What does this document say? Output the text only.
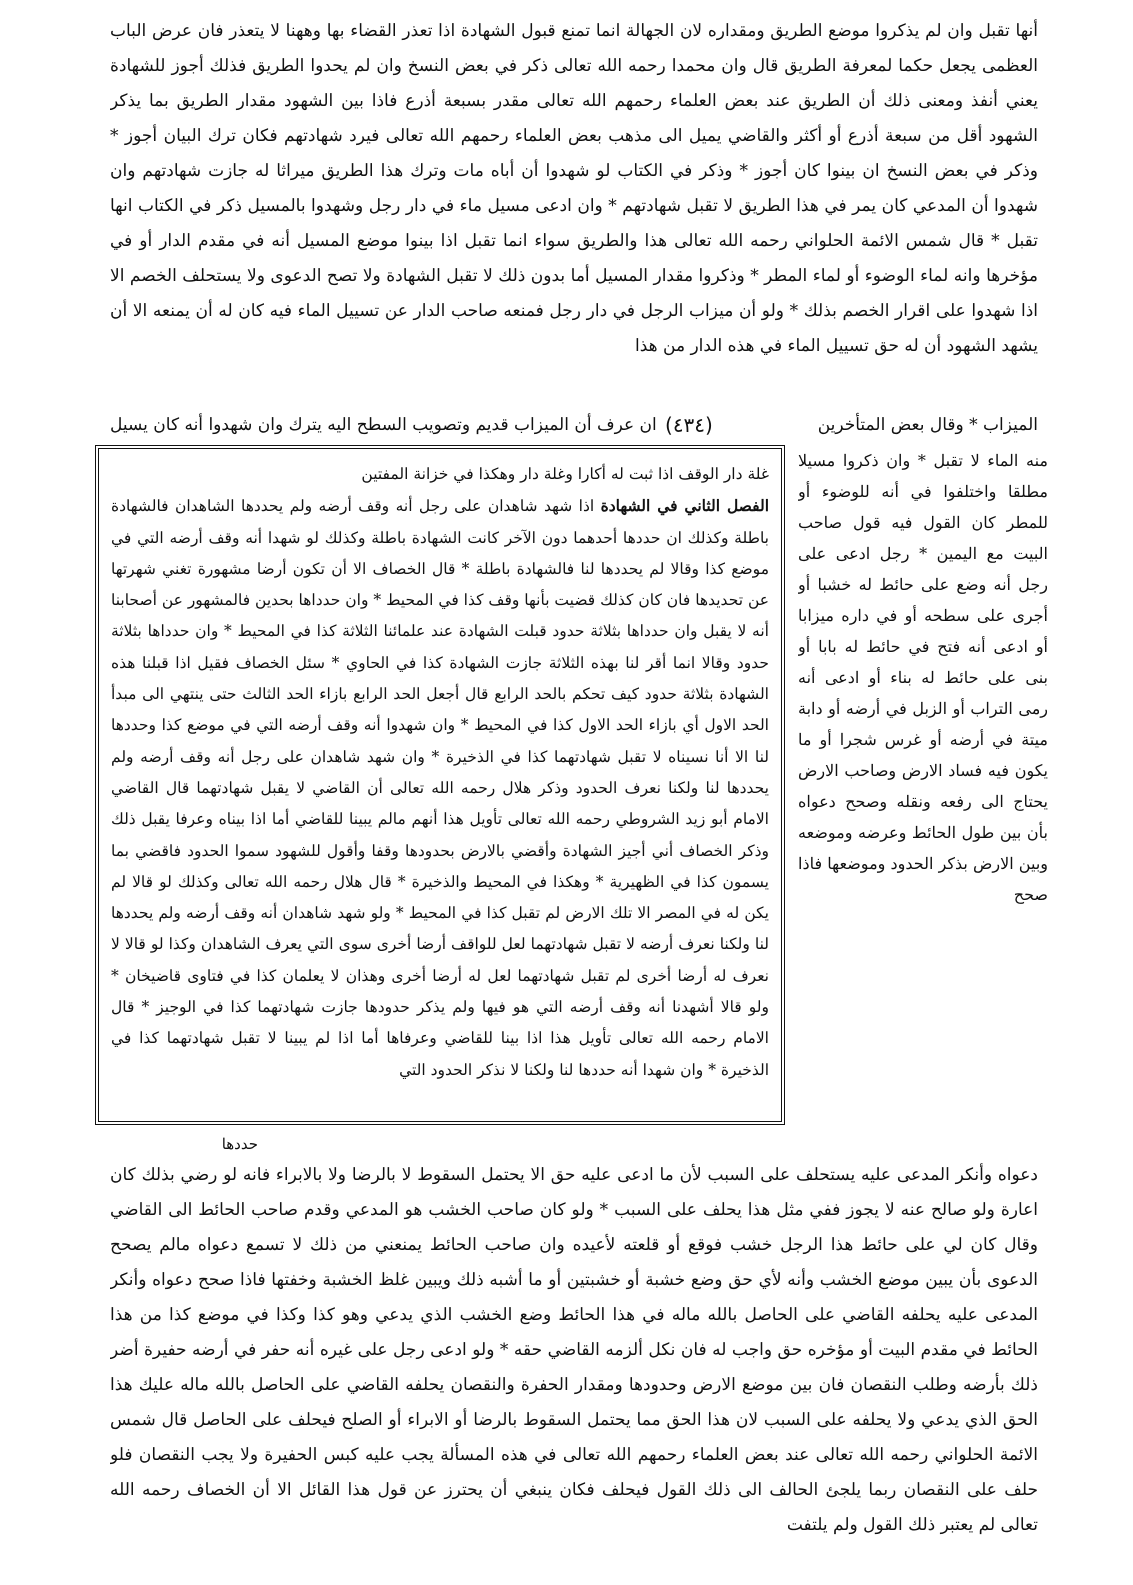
أنها تقبل وان لم يذكروا موضع الطريق ومقداره لان الجهالة انما تمنع قبول الشهادة اذا تعذر القضاء بها وههنا لا يتعذر فان عرض الباب العظمى يجعل حكما لمعرفة الطريق قال وان محمدا رحمه الله تعالى ذكر في بعض النسخ وان لم يحدوا الطريق فذلك أجوز للشهادة يعني أنفذ ومعنى ذلك أن الطريق عند بعض العلماء رحمهم الله تعالى مقدر بسبعة أذرع فاذا بين الشهود مقدار الطريق بما يذكر الشهود أقل من سبعة أذرع أو أكثر والقاضي يميل الى مذهب بعض العلماء رحمهم الله تعالى فيرد شهادتهم فكان ترك البيان أجوز * وذكر في بعض النسخ ان بينوا كان أجوز * وذكر في الكتاب لو شهدوا أن أباه مات وترك هذا الطريق ميراثا له جازت شهادتهم وان شهدوا أن المدعي كان يمر في هذا الطريق لا تقبل شهادتهم * وان ادعى مسيل ماء في دار رجل وشهدوا بالمسيل ذكر في الكتاب انها تقبل * قال شمس الائمة الحلواني رحمه الله تعالى هذا والطريق سواء انما تقبل اذا بينوا موضع المسيل أنه في مقدم الدار أو في مؤخرها وانه لماء الوضوء أو لماء المطر * وذكروا مقدار المسيل أما بدون ذلك لا تقبل الشهادة ولا تصح الدعوى ولا يستحلف الخصم الا اذا شهدوا على اقرار الخصم بذلك * ولو أن ميزاب الرجل في دار رجل فمنعه صاحب الدار عن تسييل الماء فيه كان له أن يمنعه الا أن يشهد الشهود أن له حق تسييل الماء في هذه الدار من هذا
الميزاب * وقال بعض المتأخرين
ان عرف أن الميزاب قديم وتصويب السطح اليه يترك وان شهدوا أنه كان يسيل (٤٣٤)
منه الماء لا تقبل * وان ذكروا مسيلا مطلقا واختلفوا في أنه للوضوء أو للمطر كان القول فيه قول صاحب البيت مع اليمين * رجل ادعى على رجل أنه وضع على حائط له خشبا أو أجرى على سطحه أو في داره ميزابا أو ادعى أنه فتح في حائط له بابا أو بنى على حائط له بناء أو ادعى أنه رمى التراب أو الزبل في أرضه أو دابة ميتة في أرضه أو غرس شجرا أو ما يكون فيه فساد الارض وصاحب الارض يحتاج الى رفعه ونقله وصحح دعواه بأن بين طول الحائط وعرضه وموضعه وبين الارض بذكر الحدود وموضعها فاذا صحح
غلة دار الوقف اذا ثبت له أكارا وغلة دار وهكذا في خزانة المفتين
الفصل الثاني في الشهادة اذا شهد شاهدان على رجل أنه وقف أرضه ولم يحددها الشاهدان فالشهادة باطلة وكذلك ان حددها أحدهما دون الآخر كانت الشهادة باطلة وكذلك لو شهدا أنه وقف أرضه التي في موضع كذا وقالا لم يحددها لنا فالشهادة باطلة * قال الخصاف الا أن تكون أرضا مشهورة تغني شهرتها عن تحديدها فان كان كذلك قضيت بأنها وقف كذا في المحيط * وان حدداها بحدين فالمشهور عن أصحابنا أنه لا يقبل وان حدداها بثلاثة حدود قبلت الشهادة عند علمائنا الثلاثة كذا في المحيط * وان حدداها بثلاثة حدود وقالا انما أقر لنا بهذه الثلاثة جازت الشهادة كذا في الحاوي * سئل الخصاف فقيل اذا قبلنا هذه الشهادة بثلاثة حدود كيف تحكم بالحد الرابع قال أجعل الحد الرابع بازاء الحد الثالث حتى ينتهي الى مبدأ الحد الاول أي بازاء الحد الاول كذا في المحيط * وان شهدوا أنه وقف أرضه التي في موضع كذا وحددها لنا الا أنا نسيناه لا تقبل شهادتهما كذا في الذخيرة * وان شهد شاهدان على رجل أنه وقف أرضه ولم يحددها لنا ولكنا نعرف الحدود وذكر هلال رحمه الله تعالى أن القاضي لا يقبل شهادتهما قال القاضي الامام أبو زيد الشروطي رحمه الله تعالى تأويل هذا أنهم مالم يبينا للقاضي أما اذا بيناه وعرفا يقبل ذلك وذكر الخصاف أني أجيز الشهادة وأقضي بالارض بحدودها وقفا وأقول للشهود سموا الحدود فاقضي بما يسمون كذا في الظهيرية * وهكذا في المحيط والذخيرة * قال هلال رحمه الله تعالى وكذلك لو قالا لم يكن له في المصر الا تلك الارض لم تقبل كذا في المحيط * ولو شهد شاهدان أنه وقف أرضه ولم يحددها لنا ولكنا نعرف أرضه لا تقبل شهادتهما لعل للواقف أرضا أخرى سوى التي يعرف الشاهدان وكذا لو قالا لا نعرف له أرضا أخرى لم تقبل شهادتهما لعل له أرضا أخرى وهذان لا يعلمان كذا في فتاوى قاضيخان * ولو قالا أشهدنا أنه وقف أرضه التي هو فيها ولم يذكر حدودها جازت شهادتهما كذا في الوجيز * قال الامام رحمه الله تعالى تأويل هذا اذا بينا للقاضي وعرفاها أما اذا لم يبينا لا تقبل شهادتهما كذا في الذخيرة * وان شهدا أنه حددها لنا ولكنا لا نذكر الحدود التي
حددها
دعواه وأنكر المدعى عليه يستحلف على السبب لأن ما ادعى عليه حق الا يحتمل السقوط لا بالرضا ولا بالابراء فانه لو رضي بذلك كان اعارة ولو صالح عنه لا يجوز ففي مثل هذا يحلف على السبب * ولو كان صاحب الخشب هو المدعي وقدم صاحب الحائط الى القاضي وقال كان لي على حائط هذا الرجل خشب فوقع أو قلعته لأعيده وان صاحب الحائط يمنعني من ذلك لا تسمع دعواه مالم يصحح الدعوى بأن يبين موضع الخشب وأنه لأي حق وضع خشبة أو خشبتين أو ما أشبه ذلك ويبين غلظ الخشبة وخفتها فاذا صحح دعواه وأنكر المدعى عليه يحلفه القاضي على الحاصل بالله ماله في هذا الحائط وضع الخشب الذي يدعي وهو كذا وكذا في موضع كذا من هذا الحائط في مقدم البيت أو مؤخره حق واجب له فان نكل ألزمه القاضي حقه * ولو ادعى رجل على غيره أنه حفر في أرضه حفيرة أضر ذلك بأرضه وطلب النقصان فان بين موضع الارض وحدودها ومقدار الحفرة والنقصان يحلفه القاضي على الحاصل بالله ماله عليك هذا الحق الذي يدعي ولا يحلفه على السبب لان هذا الحق مما يحتمل السقوط بالرضا أو الابراء أو الصلح فيحلف على الحاصل قال شمس الائمة الحلواني رحمه الله تعالى عند بعض العلماء رحمهم الله تعالى في هذه المسألة يجب عليه كبس الحفيرة ولا يجب النقصان فلو حلف على النقصان ربما يلجئ الحالف الى ذلك القول فيحلف فكان ينبغي أن يحترز عن قول هذا القائل الا أن الخصاف رحمه الله تعالى لم يعتبر ذلك القول ولم يلتفت
